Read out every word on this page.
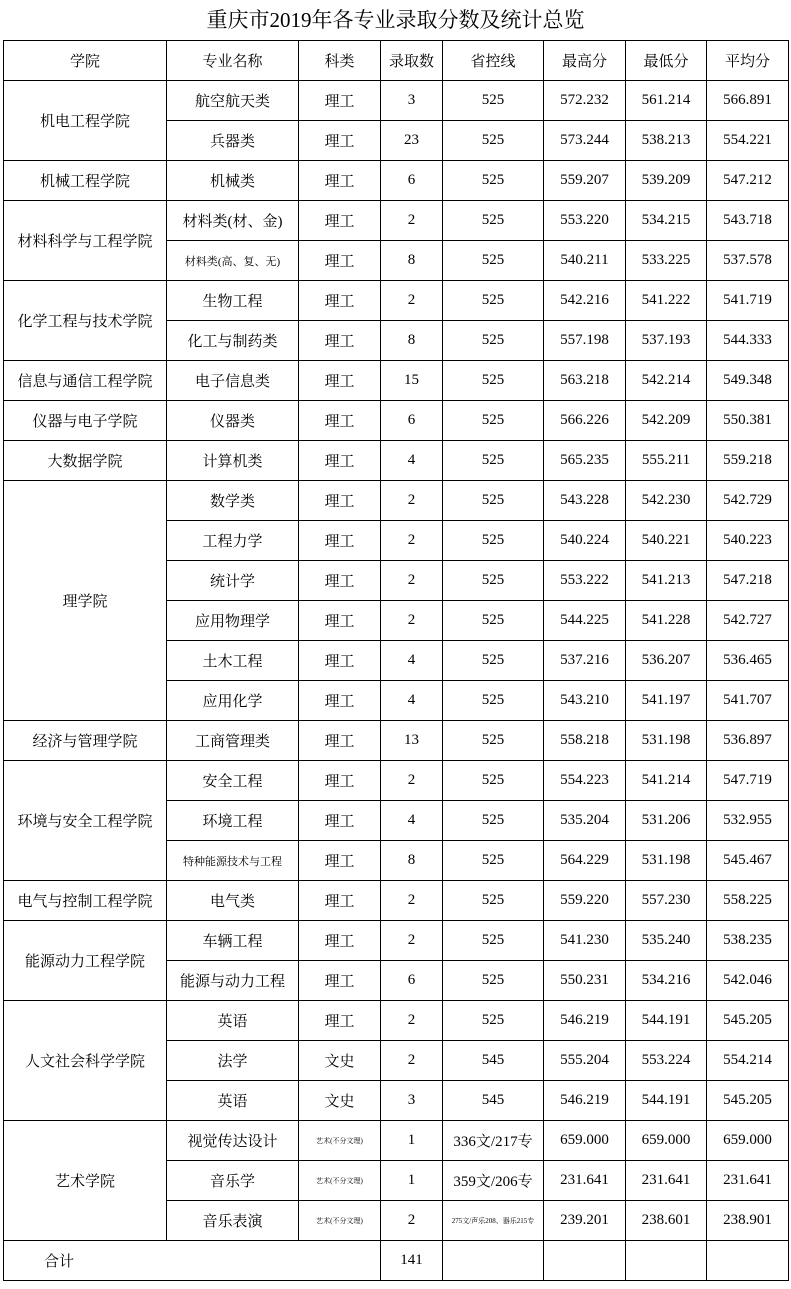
重庆市2019年各专业录取分数及统计总览
学院	专业名称	科类	录取数	省控线	最高分	最低分	平均分
机电工程学院	航空航天类	理工	3	525	572.232	561.214	566.891
	兵器类	理工	23	525	573.244	538.213	554.221
机械工程学院	机械类	理工	6	525	559.207	539.209	547.212
材料科学与工程学院	材料类(材、金)	理工	2	525	553.220	534.215	543.718
	材料类(高、复、无)	理工	8	525	540.211	533.225	537.578
化学工程与技术学院	生物工程	理工	2	525	542.216	541.222	541.719
	化工与制药类	理工	8	525	557.198	537.193	544.333
信息与通信工程学院	电子信息类	理工	15	525	563.218	542.214	549.348
仪器与电子学院	仪器类	理工	6	525	566.226	542.209	550.381
大数据学院	计算机类	理工	4	525	565.235	555.211	559.218
理学院	数学类	理工	2	525	543.228	542.230	542.729
	工程力学	理工	2	525	540.224	540.221	540.223
	统计学	理工	2	525	553.222	541.213	547.218
	应用物理学	理工	2	525	544.225	541.228	542.727
	土木工程	理工	4	525	537.216	536.207	536.465
	应用化学	理工	4	525	543.210	541.197	541.707
经济与管理学院	工商管理类	理工	13	525	558.218	531.198	536.897
环境与安全工程学院	安全工程	理工	2	525	554.223	541.214	547.719
	环境工程	理工	4	525	535.204	531.206	532.955
	特种能源技术与工程	理工	8	525	564.229	531.198	545.467
电气与控制工程学院	电气类	理工	2	525	559.220	557.230	558.225
能源动力工程学院	车辆工程	理工	2	525	541.230	535.240	538.235
	能源与动力工程	理工	6	525	550.231	534.216	542.046
人文社会科学学院	英语	理工	2	525	546.219	544.191	545.205
	法学	文史	2	545	555.204	553.224	554.214
	英语	文史	3	545	546.219	544.191	545.205
艺术学院	视觉传达设计	艺术(不分文理)	1	336文/217专	659.000	659.000	659.000
	音乐学	艺术(不分文理)	1	359文/206专	231.641	231.641	231.641
	音乐表演	艺术(不分文理)	2	275文/声乐208、器乐215专	239.201	238.601	238.901
合计			141				
